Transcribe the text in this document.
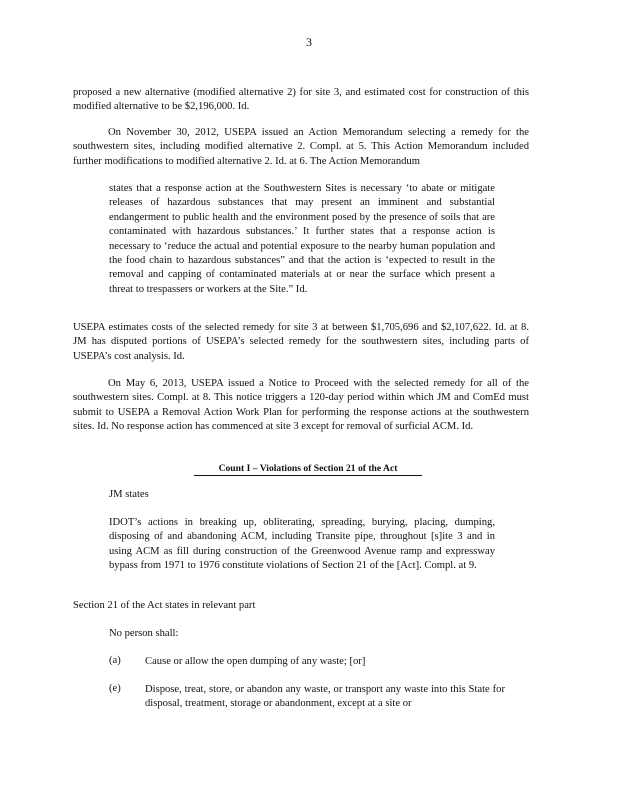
3
proposed a new alternative (modified alternative 2) for site 3, and estimated cost for construction of this modified alternative to be $2,196,000. Id.
On November 30, 2012, USEPA issued an Action Memorandum selecting a remedy for the southwestern sites, including modified alternative 2. Compl. at 5. This Action Memorandum included further modifications to modified alternative 2. Id. at 6. The Action Memorandum
states that a response action at the Southwestern Sites is necessary ‘to abate or mitigate releases of hazardous substances that may present an imminent and substantial endangerment to public health and the environment posed by the presence of soils that are contaminated with hazardous substances.’ It further states that a response action is necessary to ‘reduce the actual and potential exposure to the nearby human population and the food chain to hazardous substances” and that the action is ‘expected to result in the removal and capping of contaminated materials at or near the surface which present a threat to trespassers or workers at the Site.” Id.
USEPA estimates costs of the selected remedy for site 3 at between $1,705,696 and $2,107,622. Id. at 8. JM has disputed portions of USEPA’s selected remedy for the southwestern sites, including parts of USEPA’s cost analysis. Id.
On May 6, 2013, USEPA issued a Notice to Proceed with the selected remedy for all of the southwestern sites. Compl. at 8. This notice triggers a 120-day period within which JM and ComEd must submit to USEPA a Removal Action Work Plan for performing the response actions at the southwestern sites. Id. No response action has commenced at site 3 except for removal of surficial ACM. Id.
Count I – Violations of Section 21 of the Act
JM states
IDOT’s actions in breaking up, obliterating, spreading, burying, placing, dumping, disposing of and abandoning ACM, including Transite pipe, throughout [s]ite 3 and in using ACM as fill during construction of the Greenwood Avenue ramp and expressway bypass from 1971 to 1976 constitute violations of Section 21 of the [Act]. Compl. at 9.
Section 21 of the Act states in relevant part
No person shall:
(a) Cause or allow the open dumping of any waste; [or]
(e) Dispose, treat, store, or abandon any waste, or transport any waste into this State for disposal, treatment, storage or abandonment, except at a site or
